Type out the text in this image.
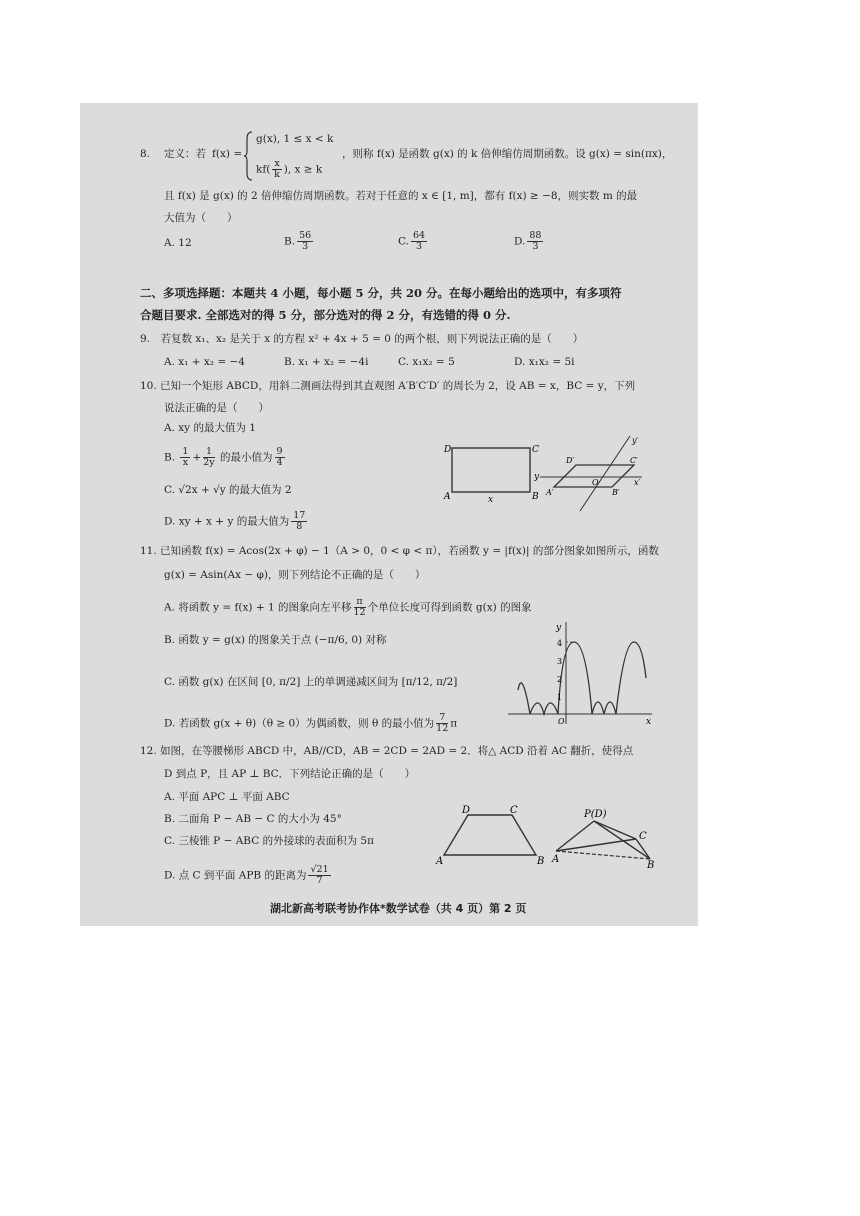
8. 定义：若 f(x) =
g(x), 1 ≤ x < k
$kf( \frac{x}{k}$ ), x ≥ k
，则称 f(x) 是函数 g(x) 的 k 倍伸缩仿周期函数。设 g(x) = sin(πx)，
且 f(x) 是 g(x) 的 2 倍伸缩仿周期函数。若对于任意的 x ∈ [1, m]，都有 f(x) ≥ −8，则实数 m 的最
大值为（　　）
A. 12	B. $\frac{56}{3}$	C. $\frac{64}{3}$	D. $\frac{88}{3}$
二、多项选择题：本题共 4 小题，每小题 5 分，共 20 分。在每小题给出的选项中，有多项符
合题目要求. 全部选对的得 5 分，部分选对的得 2 分，有选错的得 0 分.
9.　若复数 x₁、x₂ 是关于 x 的方程 x² + 4x + 5 = 0 的两个根，则下列说法正确的是（　　）
A. x₁ + x₂ = −4	B. x₁ + x₂ = −4i	C. x₁x₂ = 5	D. x₁x₂ = 5i
10. 已知一个矩形 ABCD，用斜二测画法得到其直观图 A′B′C′D′ 的周长为 2，设 AB = x，BC = y，下列
说法正确的是（　　）
A. xy 的最大值为 1
B. $\frac{1}{x} + \frac{1}{2y}$ 的最小值为 $\frac{9}{4}$
C. √2x + √y 的最大值为 2
D. xy + x + y 的最大值为 $\frac{17}{8}$
D	C
A	B
x
y
D′	C′
A′	B′
O	x′
y′
11. 已知函数 f(x) = Acos(2x + φ) − 1（A > 0，0 < φ < π），若函数 y = |f(x)| 的部分图象如图所示，函数
g(x) = Asin(Ax − φ)，则下列结论不正确的是（　　）
A. 将函数 y = f(x) + 1 的图象向左平移 $\frac{\pi}{12}$ 个单位长度可得到函数 g(x) 的图象
B. 函数 y = g(x) 的图象关于点 (−π/6, 0) 对称
C. 函数 g(x) 在区间 [0, π/2] 上的单调递减区间为 [π/12, π/2]
D. 若函数 g(x + θ)（θ ≥ 0）为偶函数，则 θ 的最小值为 $\frac{7}{12}$ π
y
x
O
4
3
2
1
12. 如图，在等腰梯形 ABCD 中，AB//CD，AB = 2CD = 2AD = 2．将△ ACD 沿着 AC 翻折，使得点
D 到点 P，且 AP ⊥ BC．下列结论正确的是（　　）
A. 平面 APC ⊥ 平面 ABC
B. 二面角 P − AB − C 的大小为 45°
C. 三棱锥 P − ABC 的外接球的表面积为 5π
D. 点 C 到平面 APB 的距离为 $\frac{√21}{7}$
D	C
A	B
P(D)
C
A
B
湖北新高考联考协作体*数学试卷（共 4 页）第 2 页
